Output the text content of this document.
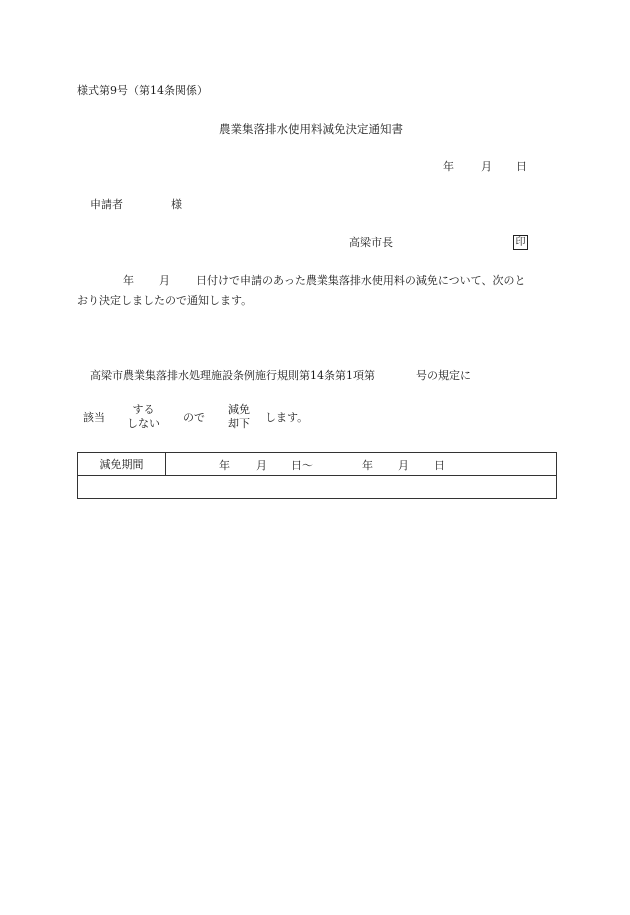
様式第9号（第14条関係）
農業集落排水使用料減免決定通知書
年 月 日
申請者	様
高梁市長	印
年 月 日付けで申請のあった農業集落排水使用料の減免について、次のと
おり決定しましたので通知します。
高梁市農業集落排水処理施設条例施行規則第14条第1項第	号の規定に
該当
する
しない ので
減免
却下 します。
減免期間	年 月 日～	年 月 日
